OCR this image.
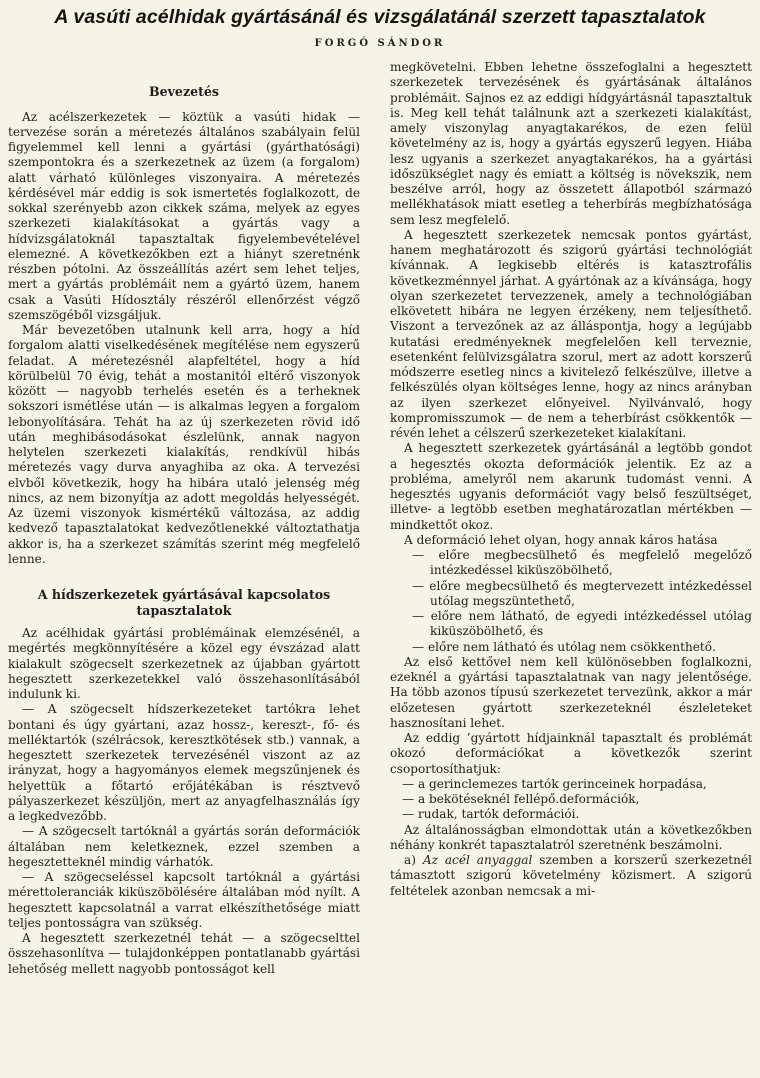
A vasúti acélhidak gyártásánál és vizsgálatánál szerzett tapasztalatok
FORGÓ SÁNDOR
Bevezetés

Az acélszerkezetek — köztük a vasúti hidak — tervezése során a méretezés általános szabályain felül figyelemmel kell lenni a gyártási (gyárthatósági) szempontokra és a szerkezetnek az üzem (a forgalom) alatt várható különleges viszonyaira. A méretezés kérdésével már eddig is sok ismertetés foglalkozott, de sokkal szerényebb azon cikkek száma, melyek az egyes szerkezeti kialakításokat a gyártás vagy a hídvizsgálatoknál tapasztaltak figyelembevételével elemezné. A következőkben ezt a hiányt szeretnénk részben pótolni. Az összeállítás azért sem lehet teljes, mert a gyártás problémáit nem a gyártó üzem, hanem csak a Vasúti Hídosztály részéről ellenőrzést végző szemszögéből vizsgáljuk.

Már bevezetőben utalnunk kell arra, hogy a híd forgalom alatti viselkedésének megítélése nem egyszerű feladat. A méretezésnél alapfeltétel, hogy a híd körülbelül 70 évig, tehát a mostanitól eltérő viszonyok között — nagyobb terhelés esetén és a terheknek sokszori ismétlése után — is alkalmas legyen a forgalom lebonyolítására. Tehát ha az új szerkezeten rövid idő után meghibásodásokat észlelünk, annak nagyon helytelen szerkezeti kialakítás, rendkívül hibás méretezés vagy durva anyaghiba az oka. A tervezési elvből következik, hogy ha hibára utaló jelenség még nincs, az nem bizonyítja az adott megoldás helyességét. Az üzemi viszonyok kismértékű változása, az addig kedvező tapasztalatokat kedvezőtlenekké változtathatja akkor is, ha a szerkezet számítás szerint még megfelelő lenne.

A hídszerkezetek gyártásával kapcsolatos tapasztalatok

Az acélhidak gyártási problémáinak elemzésénél, a megértés megkönnyítésére a közel egy évszázad alatt kialakult szögecselt szerkezetnek az újabban gyártott hegesztett szerkezetekkel való összehasonlításából indulunk ki.

— A szögecselt hídszerkezeteket tartókra lehet bontani és úgy gyártani, azaz hossz-, kereszt-, fő- és melléktartók (szélrácsok, keresztkötések stb.) vannak, a hegesztett szerkezetek tervezésénél viszont az az irányzat, hogy a hagyományos elemek megszűnjenek és helyettük a főtartó erőjátékában is résztvevő pályaszerkezet készüljön, mert az anyagfelhasználás így a legkedvezőbb.

— A szögecselt tartóknál a gyártás során deformációk általában nem keletkeznek, ezzel szemben a hegesztetteknél mindig várhatók.

— A szögecseléssel kapcsolt tartóknál a gyártási mérettoleranciák kiküszöbölésére általában mód nyílt. A hegesztett kapcsolatnál a varrat elkészíthetősége miatt teljes pontosságra van szükség.

A hegesztett szerkezetnél tehát — a szögecselttel összehasonlítva — tulajdonképpen pontatlanabb gyártási lehetőség mellett nagyobb pontosságot kell

megkövetelni. Ebben lehetne összefoglalni a hegesztett szerkezetek tervezésének és gyártásának általános problémáit. Sajnos ez az eddigi hídgyártásnál tapasztaltuk is. Meg kell tehát találnunk azt a szerkezeti kialakítást, amely viszonylag anyagtakarékos, de ezen felül követelmény az is, hogy a gyártás egyszerű legyen. Hiába lesz ugyanis a szerkezet anyagtakarékos, ha a gyártási időszükséglet nagy és emiatt a költség is növekszik, nem beszélve arról, hogy az összetett állapotból származó mellékhatások miatt esetleg a teherbírás megbízhatósága sem lesz megfelelő.

A hegesztett szerkezetek nemcsak pontos gyártást, hanem meghatározott és szigorú gyártási technológiát kívánnak. A legkisebb eltérés is katasztrofális következménnyel járhat. A gyártónak az a kívánsága, hogy olyan szerkezetet tervezzenek, amely a technológiában elkövetett hibára ne legyen érzékeny, nem teljesíthető. Viszont a tervezőnek az az álláspontja, hogy a legújabb kutatási eredményeknek megfelelően kell terveznie, esetenként felülvizsgálatra szorul, mert az adott korszerű módszerre esetleg nincs a kivitelező felkészülve, illetve a felkészülés olyan költséges lenne, hogy az nincs arányban az ilyen szerkezet előnyeivel. Nyilvánvaló, hogy kompromisszumok — de nem a teherbírást csökkentők — révén lehet a célszerű szerkezeteket kialakítani.

A hegesztett szerkezetek gyártásánál a legtöbb gondot a hegesztés okozta deformációk jelentik. Ez az a probléma, amelyről nem akarunk tudomást venni. A hegesztés ugyanis deformációt vagy belső feszültséget, illetve- a legtöbb esetben meghatározatlan mértékben — mindkettőt okoz.

A deformáció lehet olyan, hogy annak káros hatása

— előre megbecsülhető és megfelelő megelőző intézkedéssel kiküszöbölhető,
— előre megbecsülhető és megtervezett intézkedéssel utólag megszüntethető,
— előre nem látható, de egyedi intézkedéssel utólag kiküszöbölhető, és
— előre nem látható és utólag nem csökkenthető.

Az első kettővel nem kell különösebben foglalkozni, ezeknél a gyártási tapasztalatnak van nagy jelentősége. Ha több azonos típusú szerkezetet tervezünk, akkor a már előzetesen gyártott szerkezeteknél észleleteket hasznosítani lehet.

Az eddig ’gyártott hídjainknál tapasztalt és problémát okozó deformációkat a következők szerint csoportosíthatjuk:

— a gerinclemezes tartók gerinceinek horpadása,
— a bekötéseknél fellépő.deformációk,
— rudak, tartók deformációi.

Az általánosságban elmondottak után a következőkben néhány konkrét tapasztalatról szeretnénk beszámolni.

a) Az acél anyaggal szemben a korszerű szerkezetnél támasztott szigorú követelmény közismert. A szigorú feltételek azonban nemcsak a mi-
